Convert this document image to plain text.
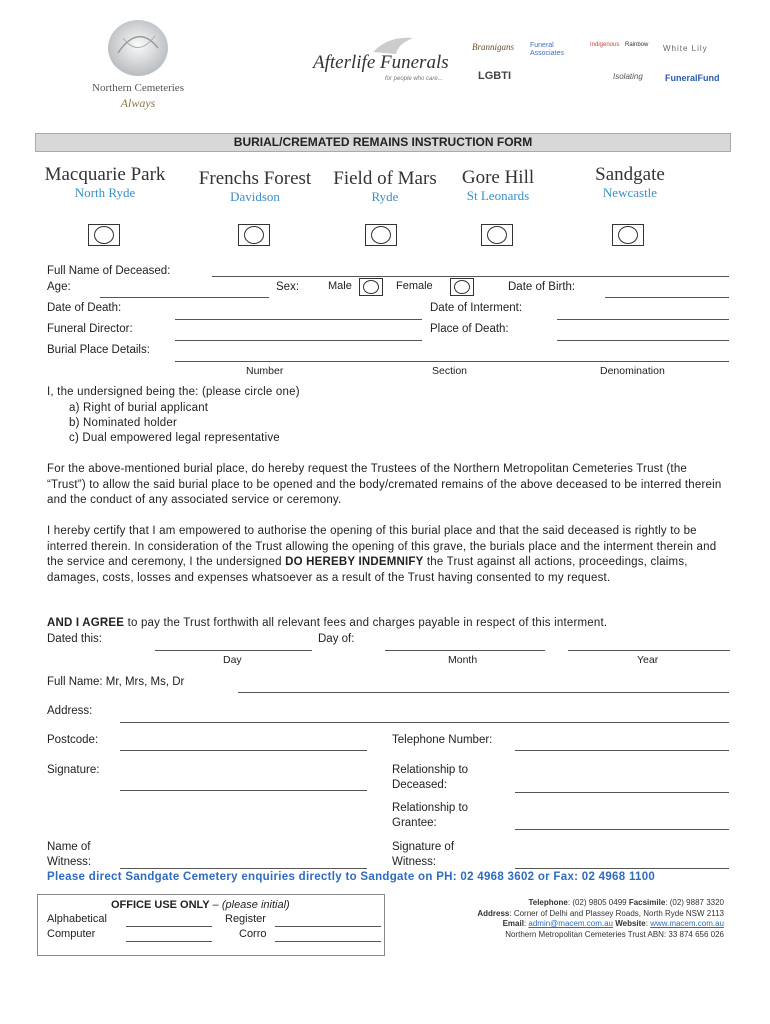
Northern Cemeteries
Always
Afterlife Funerals
for people who care...
Brannigans Funeral Associates
Indigenous Rainbow White Lily
LGBTI	Isolating FuneralFund
BURIAL/CREMATED REMAINS INSTRUCTION FORM
Macquarie Park
North Ryde
Frenchs Forest
Davidson
Field of Mars
Ryde
Gore Hill
St Leonards
Sandgate
Newcastle
Full Name of Deceased:
Age:	Sex:	Male	Female	Date of Birth:
Date of Death:	Date of Interment:
Funeral Director:	Place of Death:
Burial Place Details:
Number	Section	Denomination
I, the undersigned being the: (please circle one)
a) Right of burial applicant
b) Nominated holder
c) Dual empowered legal representative
For the above-mentioned burial place, do hereby request the Trustees of the Northern Metropolitan Cemeteries Trust (the “Trust”) to allow the said burial place to be opened and the body/cremated remains of the above deceased to be interred therein and the conduct of any associated service or ceremony.
I hereby certify that I am empowered to authorise the opening of this burial place and that the said deceased is rightly to be interred therein. In consideration of the Trust allowing the opening of this grave, the burials place and the interment therein and the service and ceremony, I the undersigned DO HEREBY INDEMNIFY the Trust against all actions, proceedings, claims, damages, costs, losses and expenses whatsoever as a result of the Trust having consented to my request.
AND I AGREE to pay the Trust forthwith all relevant fees and charges payable in respect of this interment.
Dated this:	Day of:
Day	Month	Year
Full Name: Mr, Mrs, Ms, Dr
Address:
Postcode:	Telephone Number:
Signature:	Relationship to
Deceased:
Relationship to
Grantee:
Name of
Witness:
Signature of
Witness:
Please direct Sandgate Cemetery enquiries directly to Sandgate on PH: 02 4968 3602 or Fax: 02 4968 1100
OFFICE USE ONLY – (please initial)
Alphabetical	Register
Computer	Corro
Telephone: (02) 9805 0499 Facsimile: (02) 9887 3320
Address: Corner of Delhi and Plassey Roads, North Ryde NSW 2113
Email: admin@macem.com.au Website: www.macem.com.au
Northern Metropolitan Cemeteries Trust ABN: 33 874 656 026
